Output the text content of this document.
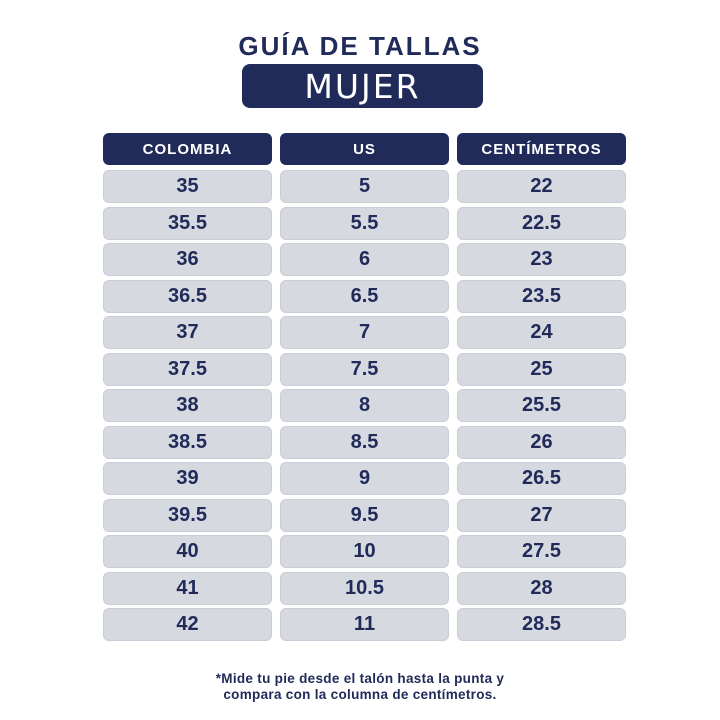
GUÍA DE TALLAS
MUJER
COLOMBIA	US	CENTÍMETROS
35	5	22
35.5	5.5	22.5
36	6	23
36.5	6.5	23.5
37	7	24
37.5	7.5	25
38	8	25.5
38.5	8.5	26
39	9	26.5
39.5	9.5	27
40	10	27.5
41	10.5	28
42	11	28.5
*Mide tu pie desde el talón hasta la punta y
compara con la columna de centímetros.
